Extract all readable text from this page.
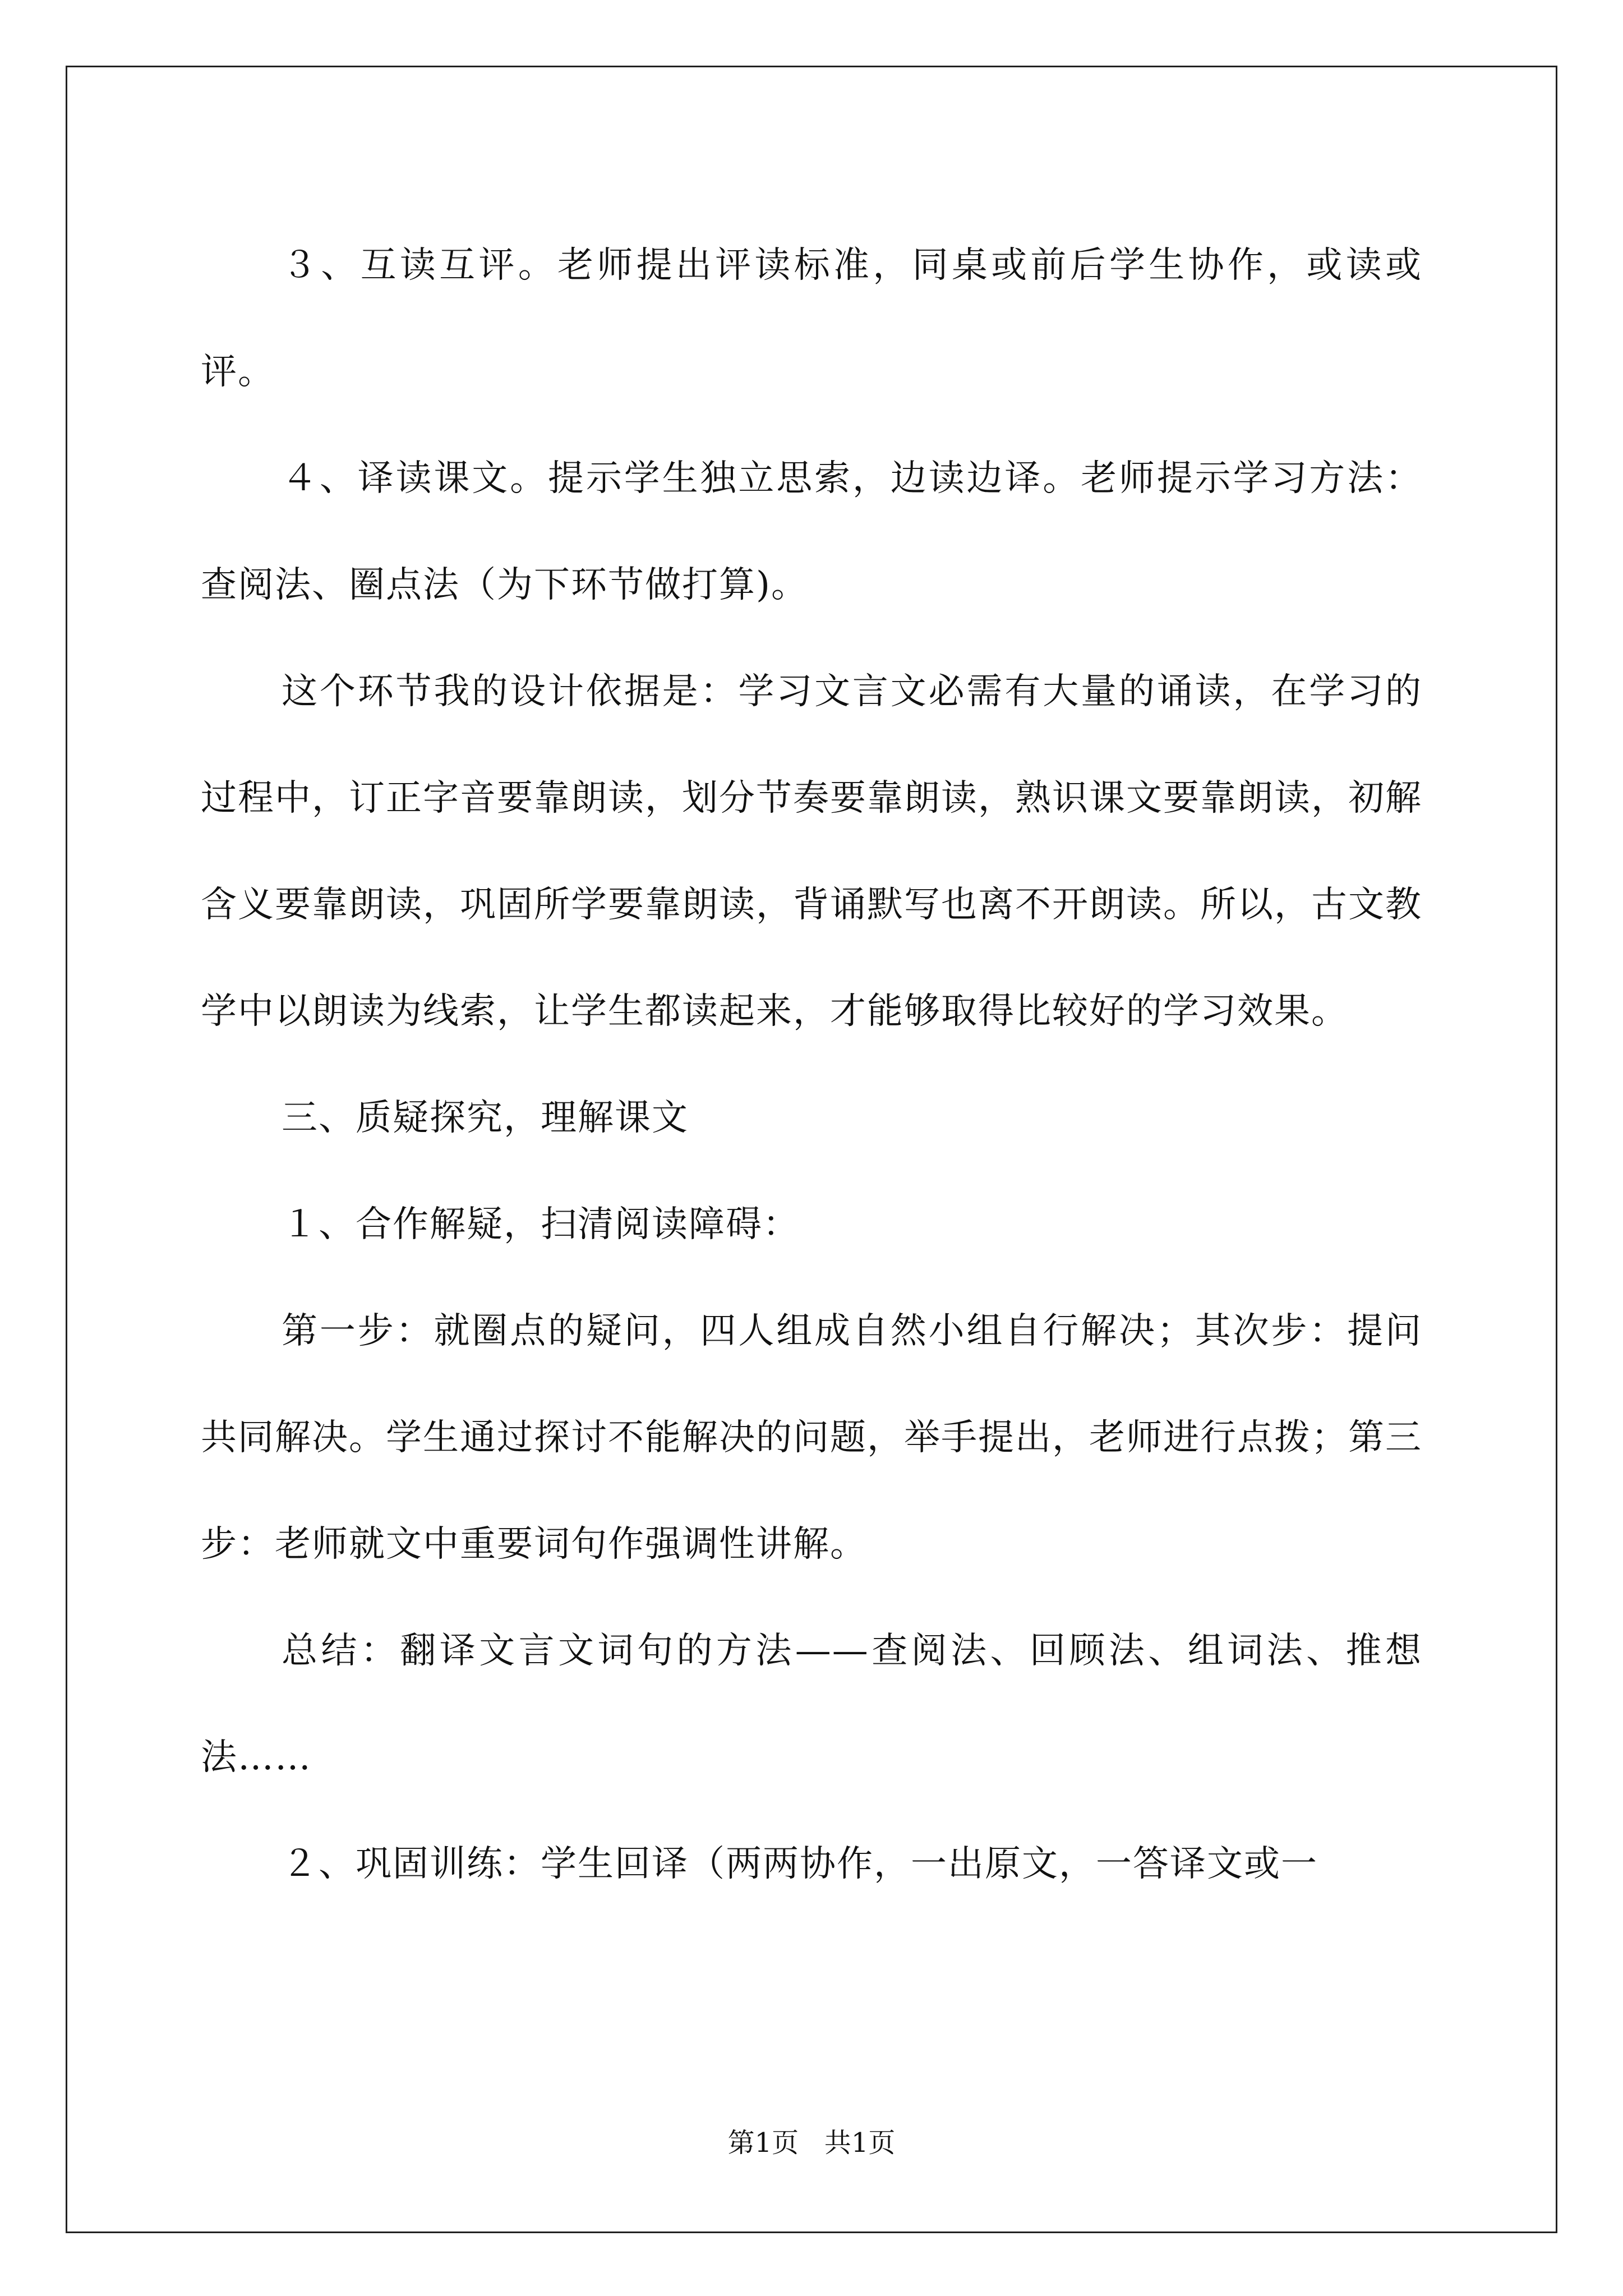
３、互读互评。老师提出评读标准，同桌或前后学生协作，或读或评。

４、译读课文。提示学生独立思索，边读边译。老师提示学习方法：查阅法、圈点法（为下环节做打算)。

这个环节我的设计依据是：学习文言文必需有大量的诵读，在学习的过程中，订正字音要靠朗读，划分节奏要靠朗读，熟识课文要靠朗读，初解含义要靠朗读，巩固所学要靠朗读，背诵默写也离不开朗读。所以，古文教学中以朗读为线索，让学生都读起来，才能够取得比较好的学习效果。

三、质疑探究，理解课文

１、合作解疑，扫清阅读障碍：

第一步：就圈点的疑问，四人组成自然小组自行解决；其次步：提问共同解决。学生通过探讨不能解决的问题，举手提出，老师进行点拨；第三步：老师就文中重要词句作强调性讲解。

总结：翻译文言文词句的方法——查阅法、回顾法、组词法、推想法……

２、巩固训练：学生回译（两两协作，一出原文，一答译文或一

第1页   共1页
